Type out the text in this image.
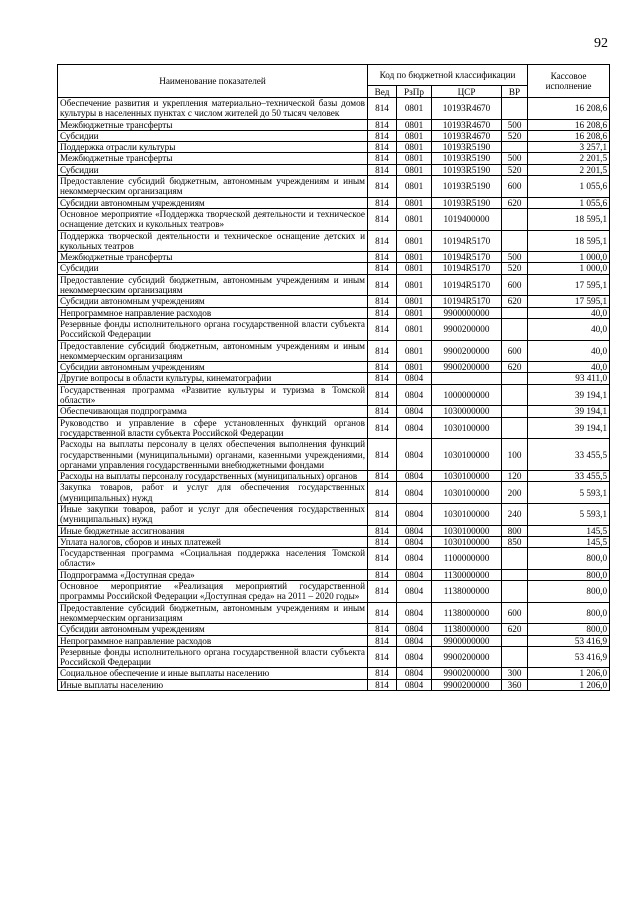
92
Наименование показателей	Код по бюджетной классификации				Кассовое исполнение
	Вед	РзПр	ЦСР	ВР	
Обеспечение развития и укрепления материально–технической базы домов культуры в населенных пунктах с числом жителей до 50 тысяч человек	814	0801	10193R4670		16 208,6
Межбюджетные трансферты	814	0801	10193R4670	500	16 208,6
Субсидии	814	0801	10193R4670	520	16 208,6
Поддержка отрасли культуры	814	0801	10193R5190		3 257,1
Межбюджетные трансферты	814	0801	10193R5190	500	2 201,5
Субсидии	814	0801	10193R5190	520	2 201,5
Предоставление субсидий бюджетным, автономным учреждениям и иным некоммерческим организациям	814	0801	10193R5190	600	1 055,6
Субсидии автономным учреждениям	814	0801	10193R5190	620	1 055,6
Основное мероприятие «Поддержка творческой деятельности и техническое оснащение детских и кукольных театров»	814	0801	1019400000		18 595,1
Поддержка творческой деятельности и техническое оснащение детских и кукольных театров	814	0801	10194R5170		18 595,1
Межбюджетные трансферты	814	0801	10194R5170	500	1 000,0
Субсидии	814	0801	10194R5170	520	1 000,0
Предоставление субсидий бюджетным, автономным учреждениям и иным некоммерческим организациям	814	0801	10194R5170	600	17 595,1
Субсидии автономным учреждениям	814	0801	10194R5170	620	17 595,1
Непрограммное направление расходов	814	0801	9900000000		40,0
Резервные фонды исполнительного органа государственной власти субъекта Российской Федерации	814	0801	9900200000		40,0
Предоставление субсидий бюджетным, автономным учреждениям и иным некоммерческим организациям	814	0801	9900200000	600	40,0
Субсидии автономным учреждениям	814	0801	9900200000	620	40,0
Другие вопросы в области культуры, кинематографии	814	0804			93 411,0
Государственная программа «Развитие культуры и туризма в Томской области»	814	0804	1000000000		39 194,1
Обеспечивающая подпрограмма	814	0804	1030000000		39 194,1
Руководство и управление в сфере установленных функций органов государственной власти субъекта Российской Федерации	814	0804	1030100000		39 194,1
Расходы на выплаты персоналу в целях обеспечения выполнения функций государственными (муниципальными) органами, казенными учреждениями, органами управления государственными внебюджетными фондами	814	0804	1030100000	100	33 455,5
Расходы на выплаты персоналу государственных (муниципальных) органов	814	0804	1030100000	120	33 455,5
Закупка товаров, работ и услуг для обеспечения государственных (муниципальных) нужд	814	0804	1030100000	200	5 593,1
Иные закупки товаров, работ и услуг для обеспечения государственных (муниципальных) нужд	814	0804	1030100000	240	5 593,1
Иные бюджетные ассигнования	814	0804	1030100000	800	145,5
Уплата налогов, сборов и иных платежей	814	0804	1030100000	850	145,5
Государственная программа «Социальная поддержка населения Томской области»	814	0804	1100000000		800,0
Подпрограмма «Доступная среда»	814	0804	1130000000		800,0
Основное мероприятие «Реализация мероприятий государственной программы Российской Федерации «Доступная среда» на 2011 – 2020 годы»	814	0804	1138000000		800,0
Предоставление субсидий бюджетным, автономным учреждениям и иным некоммерческим организациям	814	0804	1138000000	600	800,0
Субсидии автономным учреждениям	814	0804	1138000000	620	800,0
Непрограммное направление расходов	814	0804	9900000000		53 416,9
Резервные фонды исполнительного органа государственной власти субъекта Российской Федерации	814	0804	9900200000		53 416,9
Социальное обеспечение и иные выплаты населению	814	0804	9900200000	300	1 206,0
Иные выплаты населению	814	0804	9900200000	360	1 206,0
